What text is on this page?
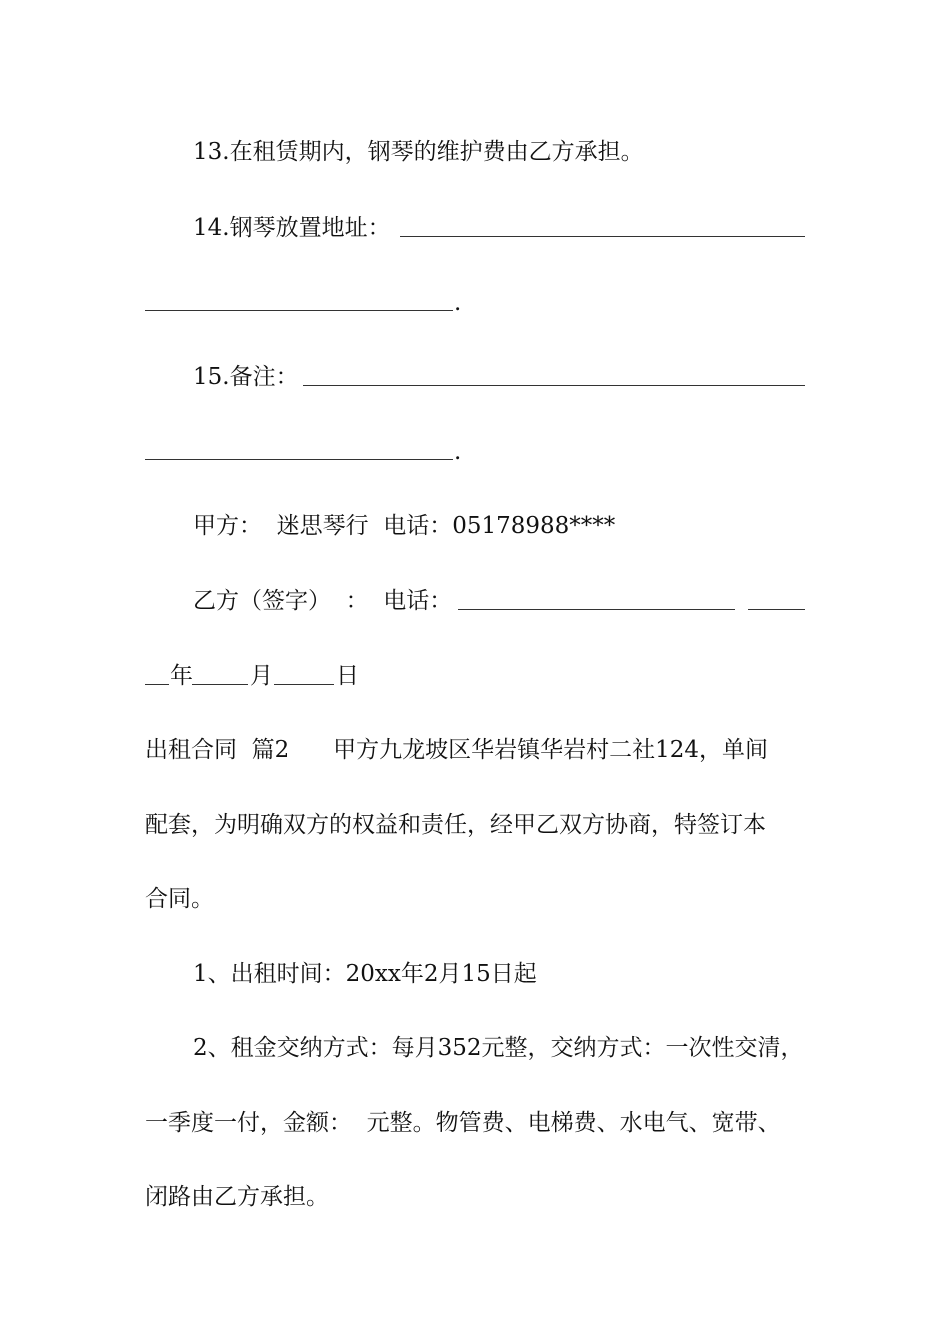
13.在租赁期内，钢琴的维护费由乙方承担。
14.钢琴放置地址：
.
15.备注：
.
甲方：  迷思琴行  电话：05178988****
乙方（签字）  ：  电话：
年 月	日
出租合同  篇2      甲方九龙坡区华岩镇华岩村二社124，单间
配套，为明确双方的权益和责任，经甲乙双方协商，特签订本
合同。
1、出租时间：20xx年2月15日起
2、租金交纳方式：每月352元整，交纳方式：一次性交清，
一季度一付，金额：  元整。物管费、电梯费、水电气、宽带、
闭路由乙方承担。
